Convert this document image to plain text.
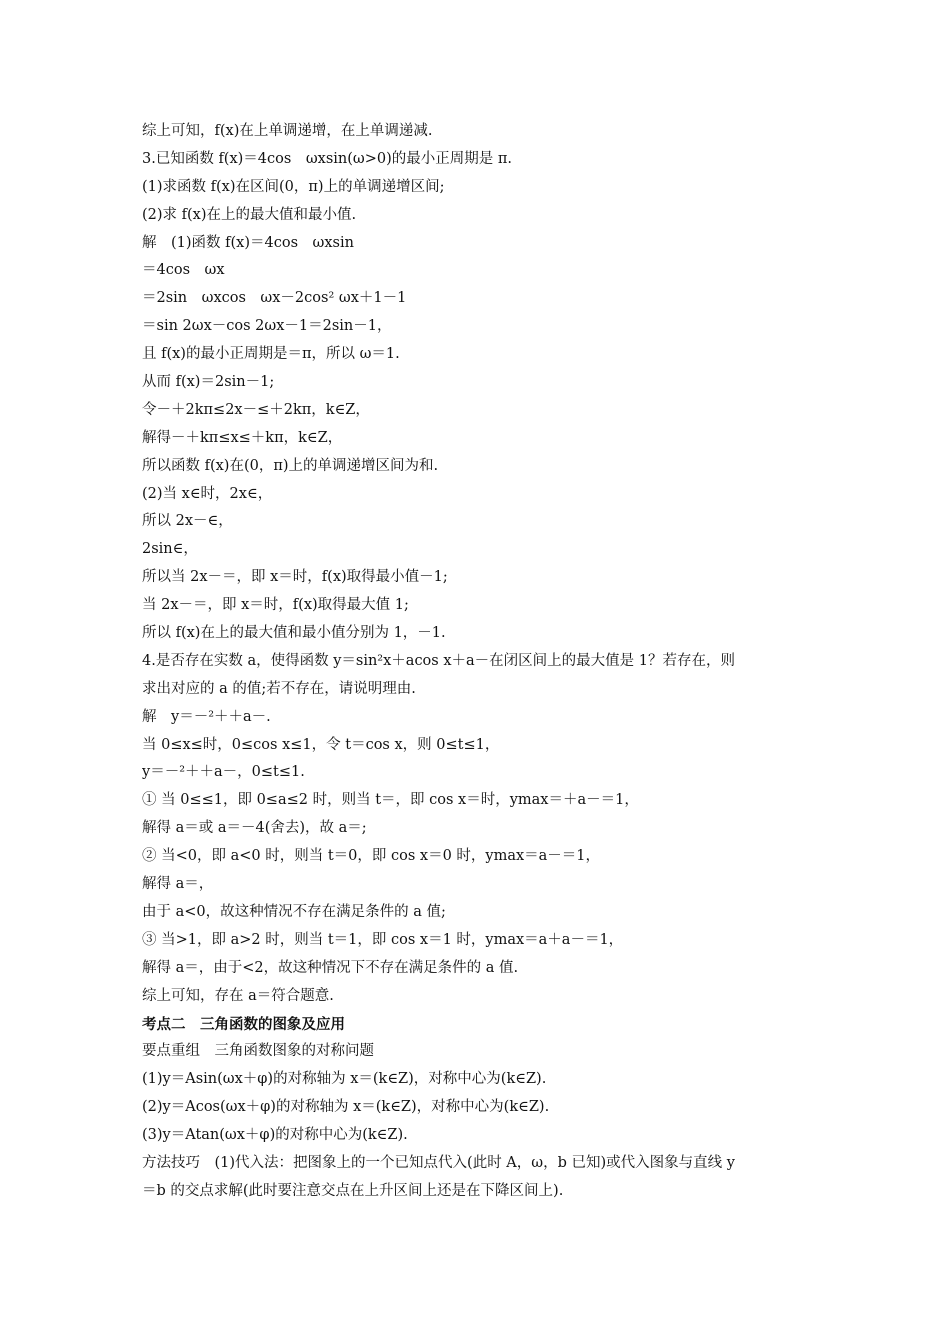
综上可知，f(x)在上单调递增，在上单调递减.
3.已知函数 f(x)＝4cos　ωxsin(ω>0)的最小正周期是 π.
(1)求函数 f(x)在区间(0，π)上的单调递增区间;
(2)求 f(x)在上的最大值和最小值.
解　(1)函数 f(x)＝4cos　ωxsin
＝4cos　ωx
＝2sin　ωxcos　ωx－2cos² ωx＋1－1
＝sin 2ωx－cos 2ωx－1＝2sin－1，
且 f(x)的最小正周期是＝π，所以 ω＝1.
从而 f(x)＝2sin－1;
令－＋2kπ≤2x－≤＋2kπ，k∈Z，
解得－＋kπ≤x≤＋kπ，k∈Z，
所以函数 f(x)在(0，π)上的单调递增区间为和.
(2)当 x∈时，2x∈，
所以 2x－∈，
2sin∈，
所以当 2x－＝，即 x＝时，f(x)取得最小值－1;
当 2x－＝，即 x＝时，f(x)取得最大值 1;
所以 f(x)在上的最大值和最小值分别为 1，－1.
4.是否存在实数 a，使得函数 y＝sin²x＋acos x＋a－在闭区间上的最大值是 1？若存在，则
求出对应的 a 的值;若不存在，请说明理由.
解　y＝－²＋＋a－.
当 0≤x≤时，0≤cos x≤1，令 t＝cos x，则 0≤t≤1，
y＝－²＋＋a－，0≤t≤1.
① 当 0≤≤1，即 0≤a≤2 时，则当 t＝，即 cos x＝时，ymax＝＋a－＝1，
解得 a＝或 a＝－4(舍去)，故 a＝;
② 当<0，即 a<0 时，则当 t＝0，即 cos x＝0 时，ymax＝a－＝1，
解得 a＝，
由于 a<0，故这种情况不存在满足条件的 a 值;
③ 当>1，即 a>2 时，则当 t＝1，即 cos x＝1 时，ymax＝a＋a－＝1，
解得 a＝，由于<2，故这种情况下不存在满足条件的 a 值.
综上可知，存在 a＝符合题意.
考点二　三角函数的图象及应用
要点重组　三角函数图象的对称问题
(1)y＝Asin(ωx＋φ)的对称轴为 x＝(k∈Z)，对称中心为(k∈Z).
(2)y＝Acos(ωx＋φ)的对称轴为 x＝(k∈Z)，对称中心为(k∈Z).
(3)y＝Atan(ωx＋φ)的对称中心为(k∈Z).
方法技巧　(1)代入法：把图象上的一个已知点代入(此时 A，ω，b 已知)或代入图象与直线 y
＝b 的交点求解(此时要注意交点在上升区间上还是在下降区间上).
